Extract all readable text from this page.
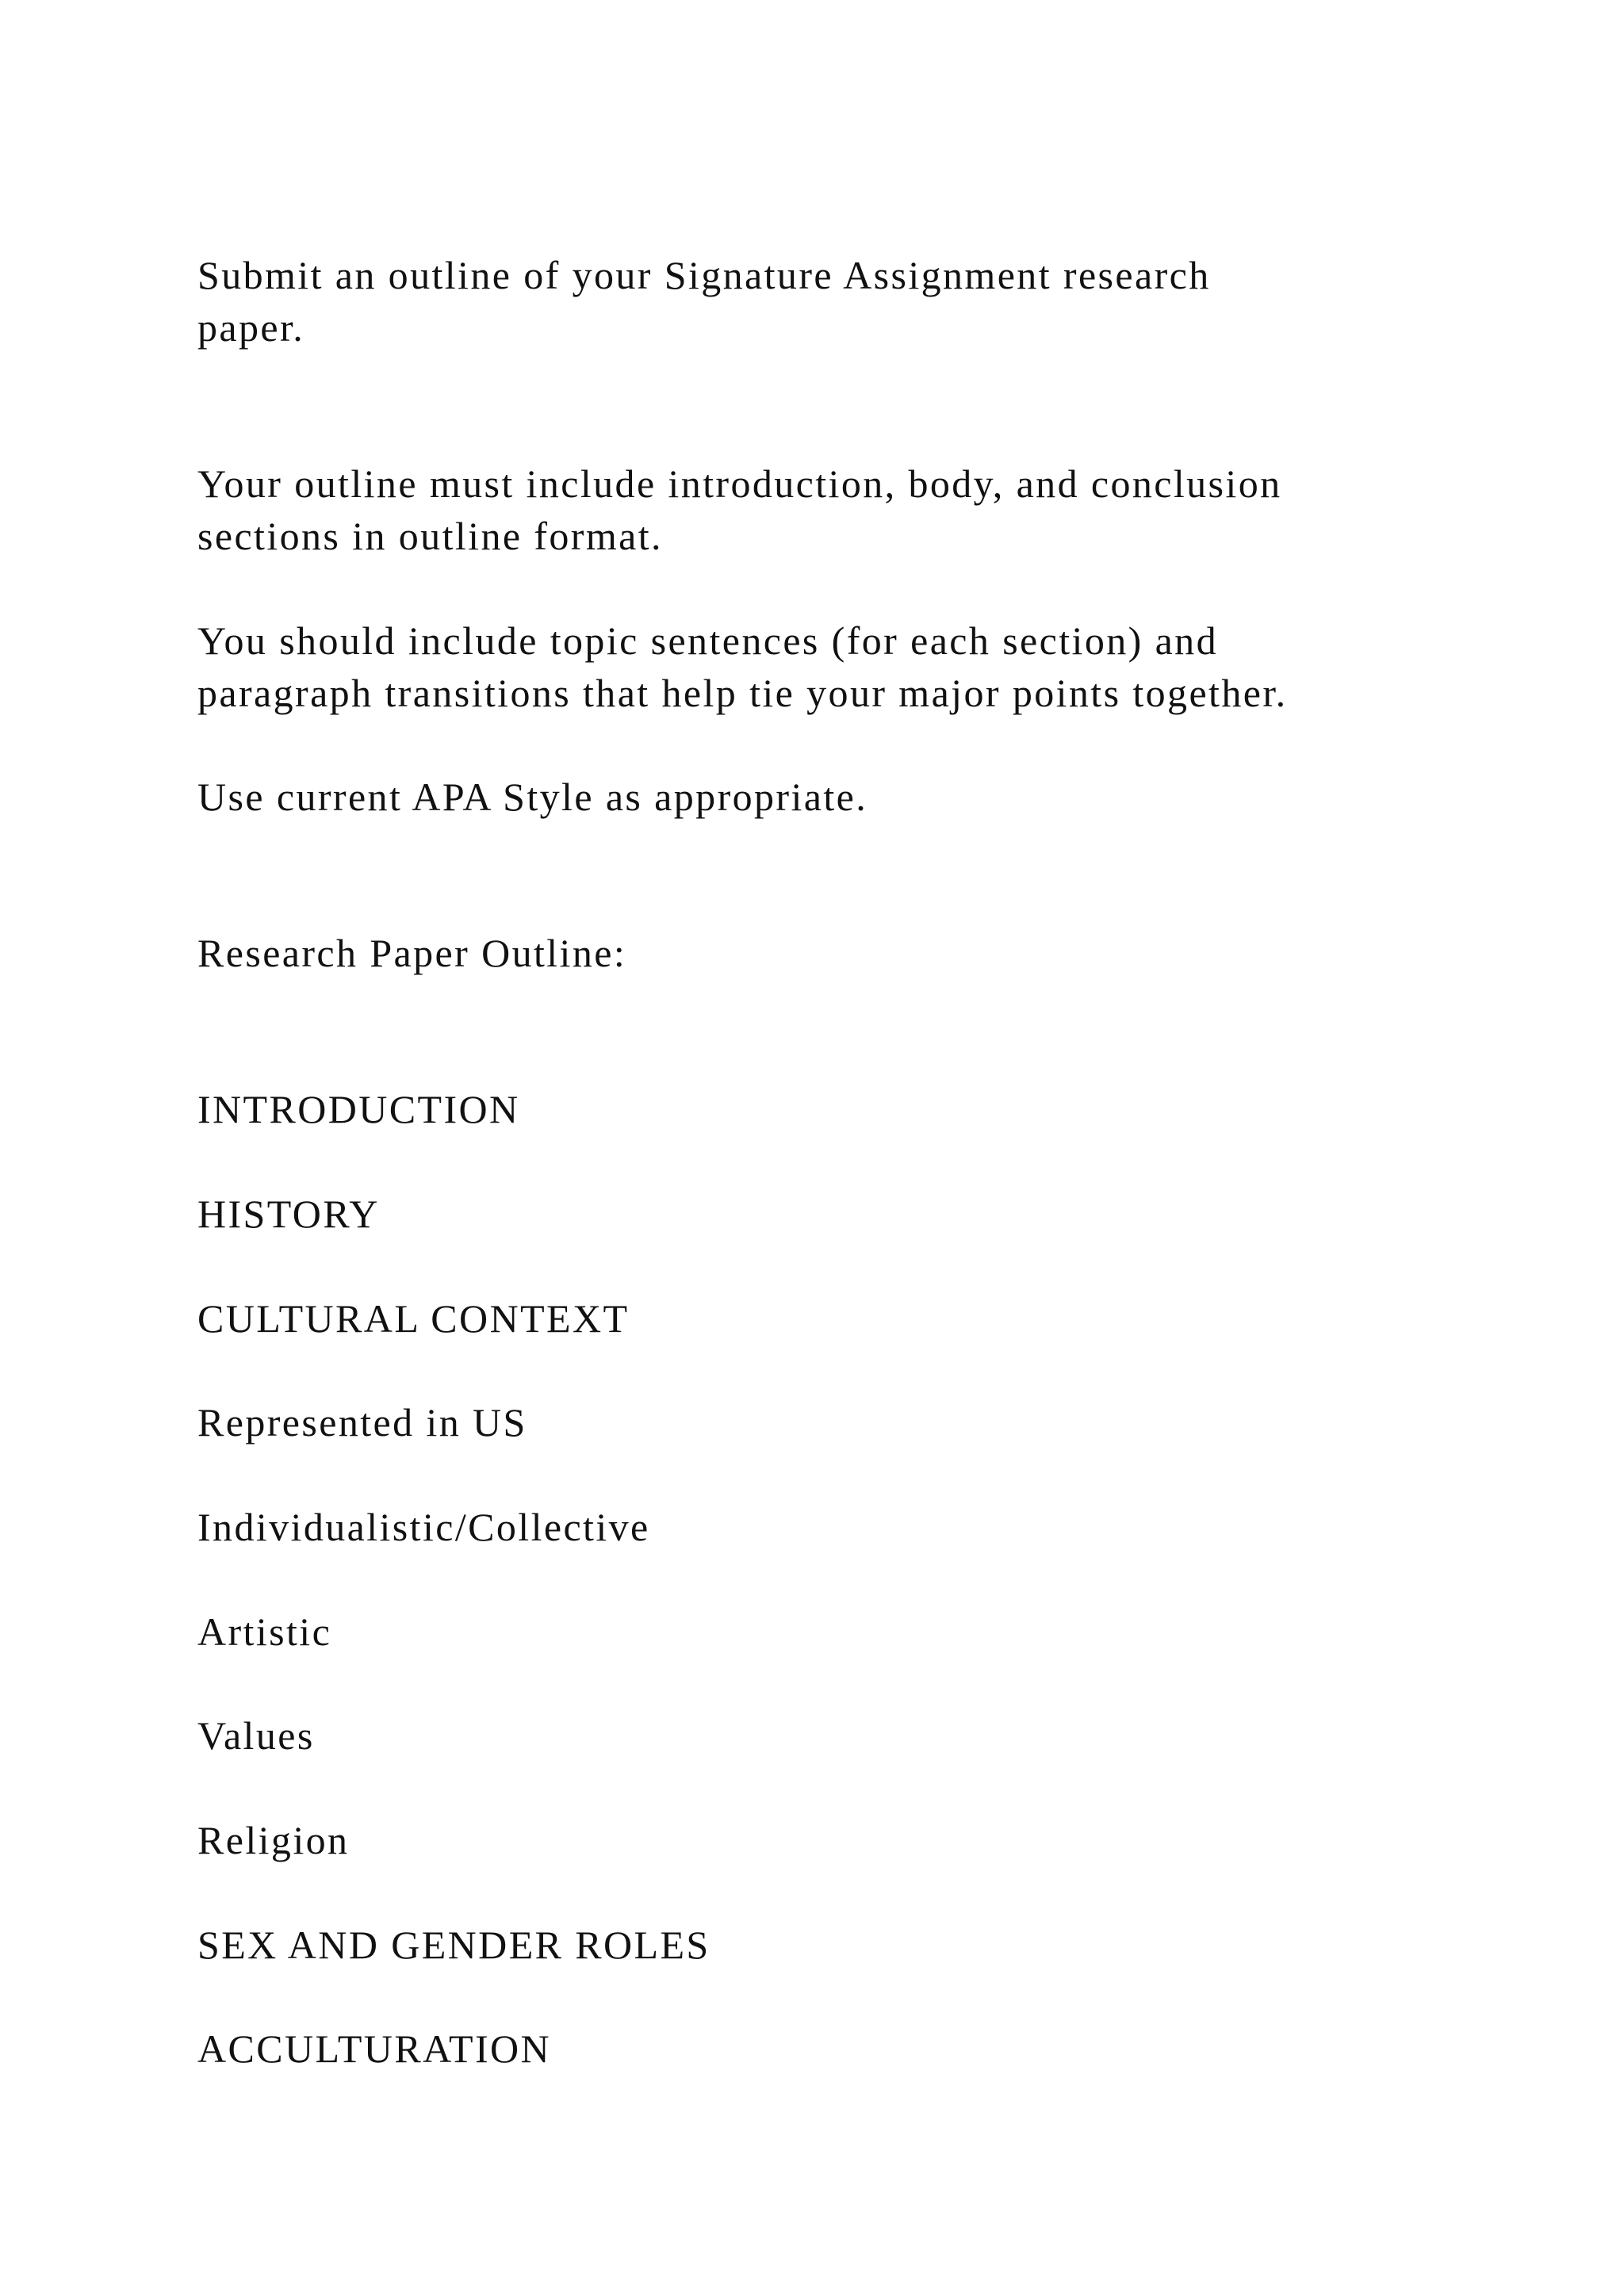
Submit an outline of your Signature Assignment research
paper.
Your outline must include introduction, body, and conclusion
sections in outline format.
You should include topic sentences (for each section) and
paragraph transitions that help tie your major points together.
Use current APA Style as appropriate.
Research Paper Outline:
INTRODUCTION
HISTORY
CULTURAL CONTEXT
Represented in US
Individualistic/Collective
Artistic
Values
Religion
SEX AND GENDER ROLES
ACCULTURATION
